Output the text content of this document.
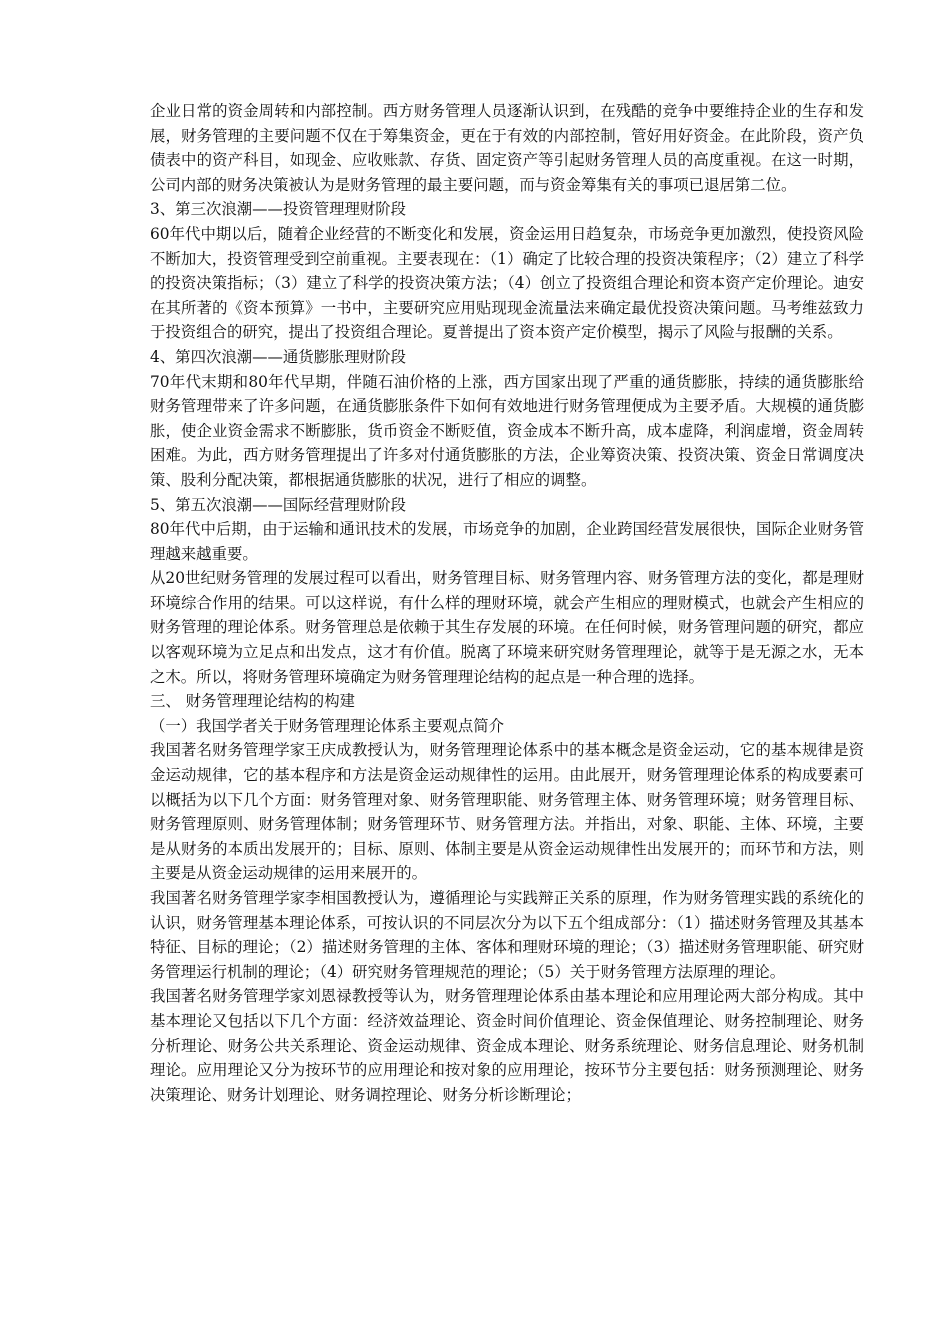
企业日常的资金周转和内部控制。西方财务管理人员逐渐认识到，在残酷的竞争中要维持企业的生存和发展，财务管理的主要问题不仅在于筹集资金，更在于有效的内部控制，管好用好资金。在此阶段，资产负债表中的资产科目，如现金、应收账款、存货、固定资产等引起财务管理人员的高度重视。在这一时期，公司内部的财务决策被认为是财务管理的最主要问题，而与资金筹集有关的事项已退居第二位。

3、第三次浪潮——投资管理理财阶段

60年代中期以后，随着企业经营的不断变化和发展，资金运用日趋复杂，市场竞争更加激烈，使投资风险不断加大，投资管理受到空前重视。主要表现在：（1）确定了比较合理的投资决策程序；（2）建立了科学的投资决策指标；（3）建立了科学的投资决策方法；（4）创立了投资组合理论和资本资产定价理论。迪安在其所著的《资本预算》一书中，主要研究应用贴现现金流量法来确定最优投资决策问题。马考维兹致力于投资组合的研究，提出了投资组合理论。夏普提出了资本资产定价模型，揭示了风险与报酬的关系。

4、第四次浪潮——通货膨胀理财阶段

70年代末期和80年代早期，伴随石油价格的上涨，西方国家出现了严重的通货膨胀，持续的通货膨胀给财务管理带来了许多问题，在通货膨胀条件下如何有效地进行财务管理便成为主要矛盾。大规模的通货膨胀，使企业资金需求不断膨胀，货币资金不断贬值，资金成本不断升高，成本虚降，利润虚增，资金周转困难。为此，西方财务管理提出了许多对付通货膨胀的方法，企业筹资决策、投资决策、资金日常调度决策、股利分配决策，都根据通货膨胀的状况，进行了相应的调整。

5、第五次浪潮——国际经营理财阶段

80年代中后期，由于运输和通讯技术的发展，市场竞争的加剧，企业跨国经营发展很快，国际企业财务管理越来越重要。

从20世纪财务管理的发展过程可以看出，财务管理目标、财务管理内容、财务管理方法的变化，都是理财环境综合作用的结果。可以这样说，有什么样的理财环境，就会产生相应的理财模式，也就会产生相应的财务管理的理论体系。财务管理总是依赖于其生存发展的环境。在任何时候，财务管理问题的研究，都应以客观环境为立足点和出发点，这才有价值。脱离了环境来研究财务管理理论，就等于是无源之水，无本之木。所以，将财务管理环境确定为财务管理理论结构的起点是一种合理的选择。

三、 财务管理理论结构的构建

（一）我国学者关于财务管理理论体系主要观点简介

我国著名财务管理学家王庆成教授认为，财务管理理论体系中的基本概念是资金运动，它的基本规律是资金运动规律，它的基本程序和方法是资金运动规律性的运用。由此展开，财务管理理论体系的构成要素可以概括为以下几个方面：财务管理对象、财务管理职能、财务管理主体、财务管理环境；财务管理目标、财务管理原则、财务管理体制；财务管理环节、财务管理方法。并指出，对象、职能、主体、环境，主要是从财务的本质出发展开的；目标、原则、体制主要是从资金运动规律性出发展开的；而环节和方法，则主要是从资金运动规律的运用来展开的。

我国著名财务管理学家李相国教授认为，遵循理论与实践辩正关系的原理，作为财务管理实践的系统化的认识，财务管理基本理论体系，可按认识的不同层次分为以下五个组成部分：（1）描述财务管理及其基本特征、目标的理论；（2）描述财务管理的主体、客体和理财环境的理论；（3）描述财务管理职能、研究财务管理运行机制的理论；（4）研究财务管理规范的理论；（5）关于财务管理方法原理的理论。

我国著名财务管理学家刘恩禄教授等认为，财务管理理论体系由基本理论和应用理论两大部分构成。其中基本理论又包括以下几个方面：经济效益理论、资金时间价值理论、资金保值理论、财务控制理论、财务分析理论、财务公共关系理论、资金运动规律、资金成本理论、财务系统理论、财务信息理论、财务机制理论。应用理论又分为按环节的应用理论和按对象的应用理论，按环节分主要包括：财务预测理论、财务决策理论、财务计划理论、财务调控理论、财务分析诊断理论；
